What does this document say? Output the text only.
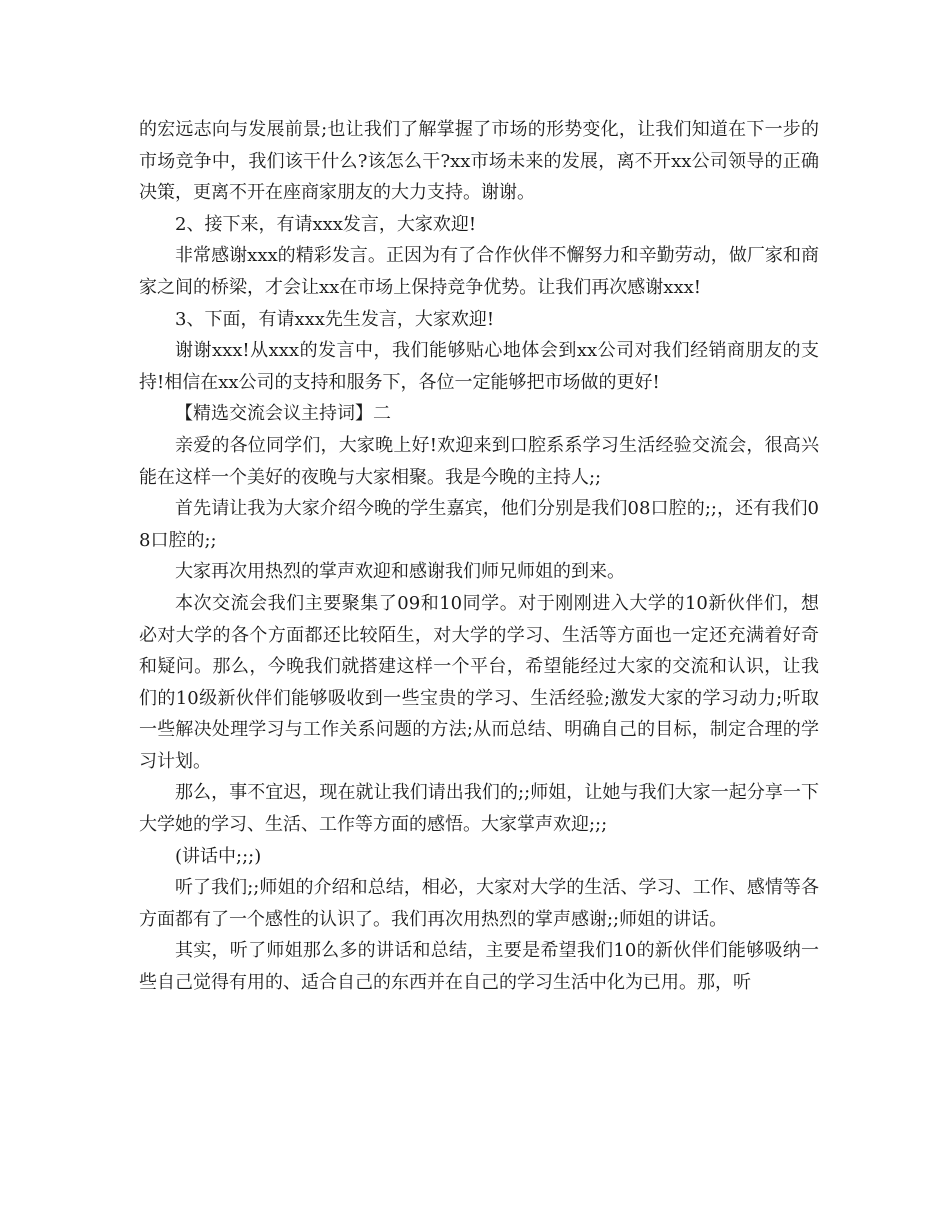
的宏远志向与发展前景;也让我们了解掌握了市场的形势变化，让我们知道在下一步的市场竞争中，我们该干什么?该怎么干?xx市场未来的发展，离不开xx公司领导的正确决策，更离不开在座商家朋友的大力支持。谢谢。

2、接下来，有请xxx发言，大家欢迎!

非常感谢xxx的精彩发言。正因为有了合作伙伴不懈努力和辛勤劳动，做厂家和商家之间的桥梁，才会让xx在市场上保持竞争优势。让我们再次感谢xxx!

3、下面，有请xxx先生发言，大家欢迎!

谢谢xxx!从xxx的发言中，我们能够贴心地体会到xx公司对我们经销商朋友的支持!相信在xx公司的支持和服务下，各位一定能够把市场做的更好!

【精选交流会议主持词】二

亲爱的各位同学们，大家晚上好!欢迎来到口腔系系学习生活经验交流会，很高兴能在这样一个美好的夜晚与大家相聚。我是今晚的主持人;;

首先请让我为大家介绍今晚的学生嘉宾，他们分别是我们08口腔的;;，还有我们08口腔的;;

大家再次用热烈的掌声欢迎和感谢我们师兄师姐的到来。

本次交流会我们主要聚集了09和10同学。对于刚刚进入大学的10新伙伴们，想必对大学的各个方面都还比较陌生，对大学的学习、生活等方面也一定还充满着好奇和疑问。那么，今晚我们就搭建这样一个平台，希望能经过大家的交流和认识，让我们的10级新伙伴们能够吸收到一些宝贵的学习、生活经验;激发大家的学习动力;听取一些解决处理学习与工作关系问题的方法;从而总结、明确自己的目标，制定合理的学习计划。

那么，事不宜迟，现在就让我们请出我们的;;师姐，让她与我们大家一起分享一下大学她的学习、生活、工作等方面的感悟。大家掌声欢迎;;;

(讲话中;;;)

听了我们;;师姐的介绍和总结，相必，大家对大学的生活、学习、工作、感情等各方面都有了一个感性的认识了。我们再次用热烈的掌声感谢;;师姐的讲话。

其实，听了师姐那么多的讲话和总结，主要是希望我们10的新伙伴们能够吸纳一些自己觉得有用的、适合自己的东西并在自己的学习生活中化为已用。那，听
